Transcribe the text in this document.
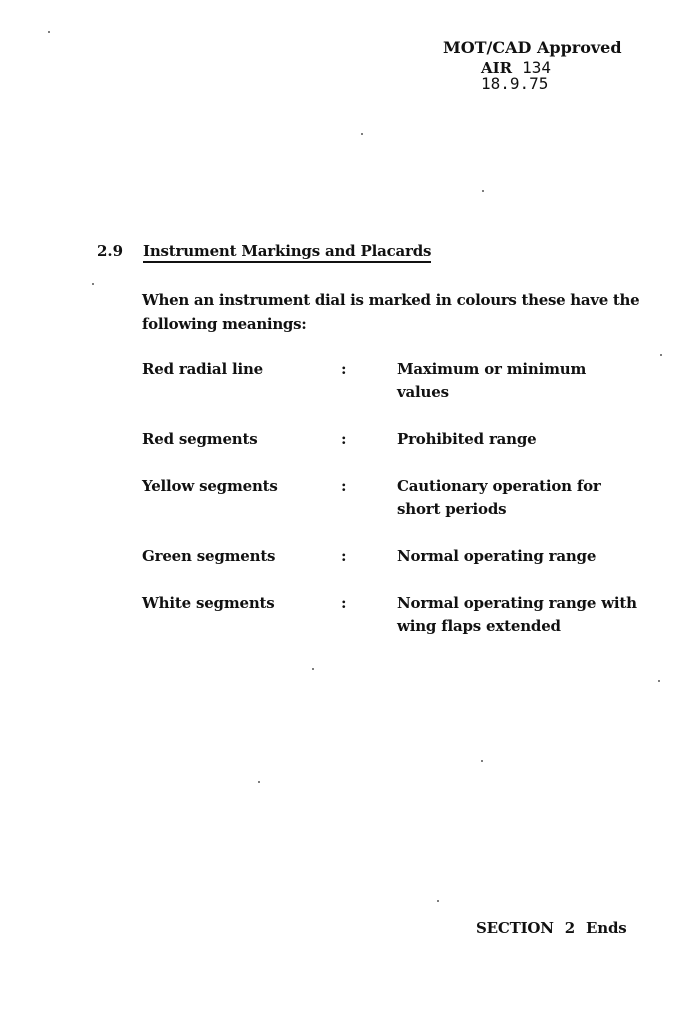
MOT/CAD Approved
AIR 134
18.9.75
2.9 Instrument Markings and Placards
When an instrument dial is marked in colours these have the following meanings:
Red radial line	:	Maximum or minimum values
Red segments	:	Prohibited range
Yellow segments	:	Cautionary operation for short periods
Green segments	:	Normal operating range
White segments	:	Normal operating range with wing flaps extended
SECTION 2 Ends
